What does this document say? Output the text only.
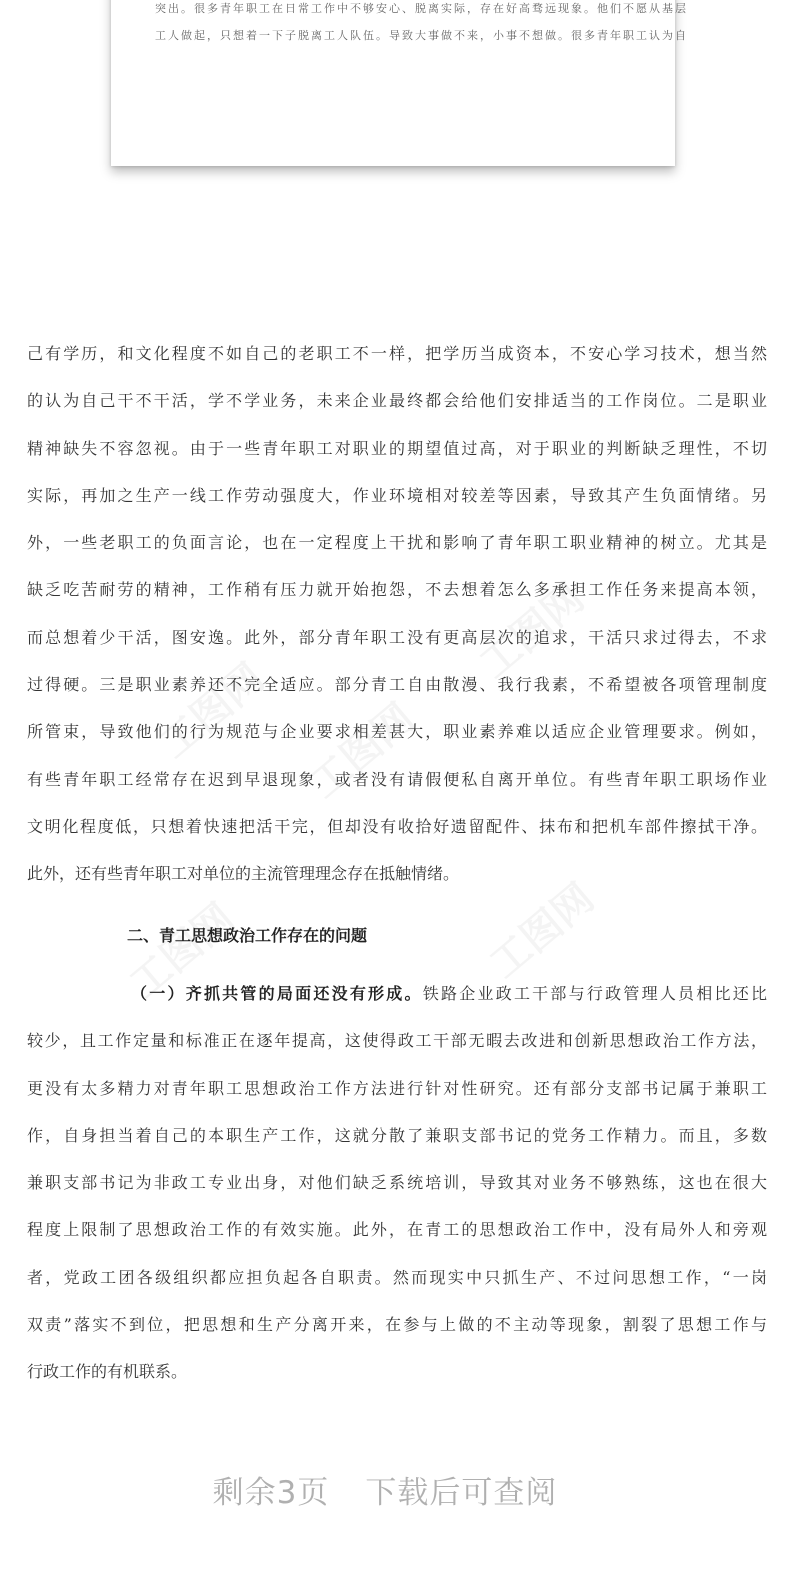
突出。很多青年职工在日常工作中不够安心、脱离实际，存在好高骛远现象。他们不愿从基层

工人做起，只想着一下子脱离工人队伍。导致大事做不来，小事不想做。很多青年职工认为自

己有学历，和文化程度不如自己的老职工不一样，把学历当成资本，不安心学习技术，想当然
的认为自己干不干活，学不学业务，未来企业最终都会给他们安排适当的工作岗位。二是职业
精神缺失不容忽视。由于一些青年职工对职业的期望值过高，对于职业的判断缺乏理性，不切
实际，再加之生产一线工作劳动强度大，作业环境相对较差等因素，导致其产生负面情绪。另
外，一些老职工的负面言论，也在一定程度上干扰和影响了青年职工职业精神的树立。尤其是
缺乏吃苦耐劳的精神，工作稍有压力就开始抱怨，不去想着怎么多承担工作任务来提高本领，
而总想着少干活，图安逸。此外，部分青年职工没有更高层次的追求，干活只求过得去，不求
过得硬。三是职业素养还不完全适应。部分青工自由散漫、我行我素，不希望被各项管理制度
所管束，导致他们的行为规范与企业要求相差甚大，职业素养难以适应企业管理要求。例如，
有些青年职工经常存在迟到早退现象，或者没有请假便私自离开单位。有些青年职工职场作业
文明化程度低，只想着快速把活干完，但却没有收拾好遗留配件、抹布和把机车部件擦拭干净。
此外，还有些青年职工对单位的主流管理理念存在抵触情绪。
二、青工思想政治工作存在的问题
（一）齐抓共管的局面还没有形成。铁路企业政工干部与行政管理人员相比还比
较少，且工作定量和标准正在逐年提高，这使得政工干部无暇去改进和创新思想政治工作方法，
更没有太多精力对青年职工思想政治工作方法进行针对性研究。还有部分支部书记属于兼职工
作，自身担当着自己的本职生产工作，这就分散了兼职支部书记的党务工作精力。而且，多数
兼职支部书记为非政工专业出身，对他们缺乏系统培训，导致其对业务不够熟练，这也在很大
程度上限制了思想政治工作的有效实施。此外，在青工的思想政治工作中，没有局外人和旁观
者，党政工团各级组织都应担负起各自职责。然而现实中只抓生产、不过问思想工作，“一岗
双责”落实不到位，把思想和生产分离开来，在参与上做的不主动等现象，割裂了思想工作与
行政工作的有机联系。
剩余3页 下载后可查阅
